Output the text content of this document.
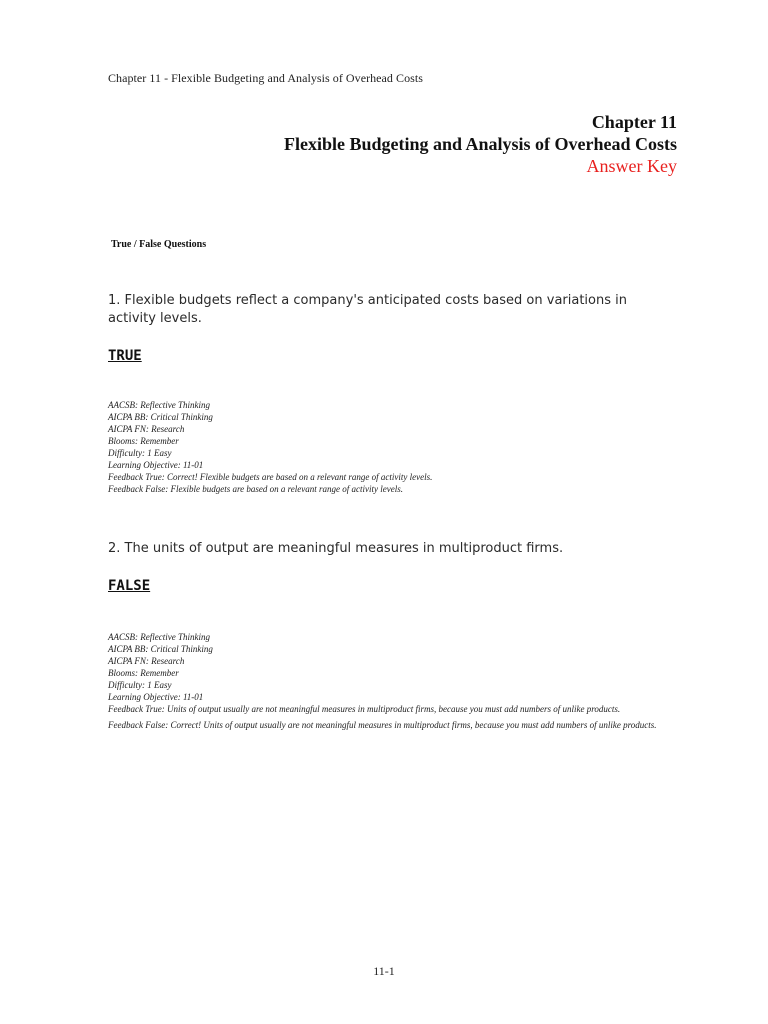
Chapter 11 - Flexible Budgeting and Analysis of Overhead Costs
Chapter 11
Flexible Budgeting and Analysis of Overhead Costs
Answer Key
True / False Questions
1. Flexible budgets reflect a company's anticipated costs based on variations in activity levels.
TRUE
AACSB: Reflective Thinking
AICPA BB: Critical Thinking
AICPA FN: Research
Blooms: Remember
Difficulty: 1 Easy
Learning Objective: 11-01
Feedback True: Correct! Flexible budgets are based on a relevant range of activity levels.
Feedback False: Flexible budgets are based on a relevant range of activity levels.
2. The units of output are meaningful measures in multiproduct firms.
FALSE
AACSB: Reflective Thinking
AICPA BB: Critical Thinking
AICPA FN: Research
Blooms: Remember
Difficulty: 1 Easy
Learning Objective: 11-01
Feedback True: Units of output usually are not meaningful measures in multiproduct firms, because you must add numbers of unlike products.
Feedback False: Correct! Units of output usually are not meaningful measures in multiproduct firms, because you must add numbers of unlike products.
11-1
